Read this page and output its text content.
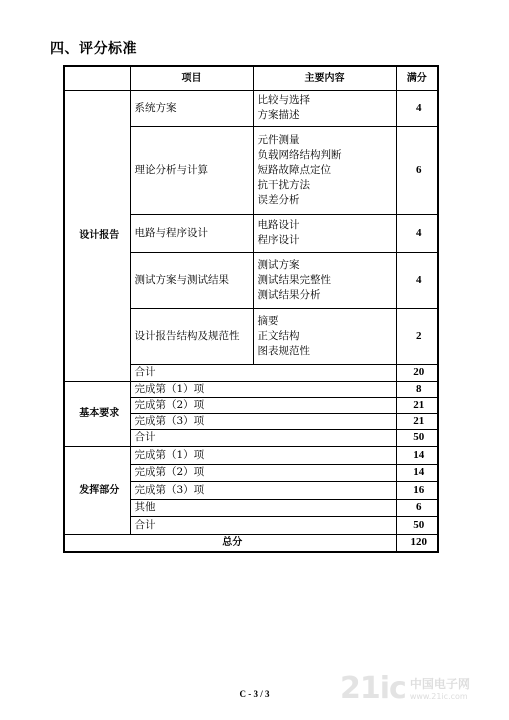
四、评分标准
	项目	主要内容	满分
设计报告	系统方案	比较与选择
方案描述	4
	理论分析与计算	元件测量
负载网络结构判断
短路故障点定位
抗干扰方法
误差分析	6
	电路与程序设计	电路设计
程序设计	4
	测试方案与测试结果	测试方案
测试结果完整性
测试结果分析	4
	设计报告结构及规范性	摘要
正文结构
图表规范性	2
	合计		20
基本要求	完成第（1）项		8
	完成第（2）项		21
	完成第（3）项		21
	合计		50
发挥部分	完成第（1）项		14
	完成第（2）项		14
	完成第（3）项		16
	其他		6
	合计		50
总分			120
C - 3 / 3	21ic 中国电子网
www.21ic.com
